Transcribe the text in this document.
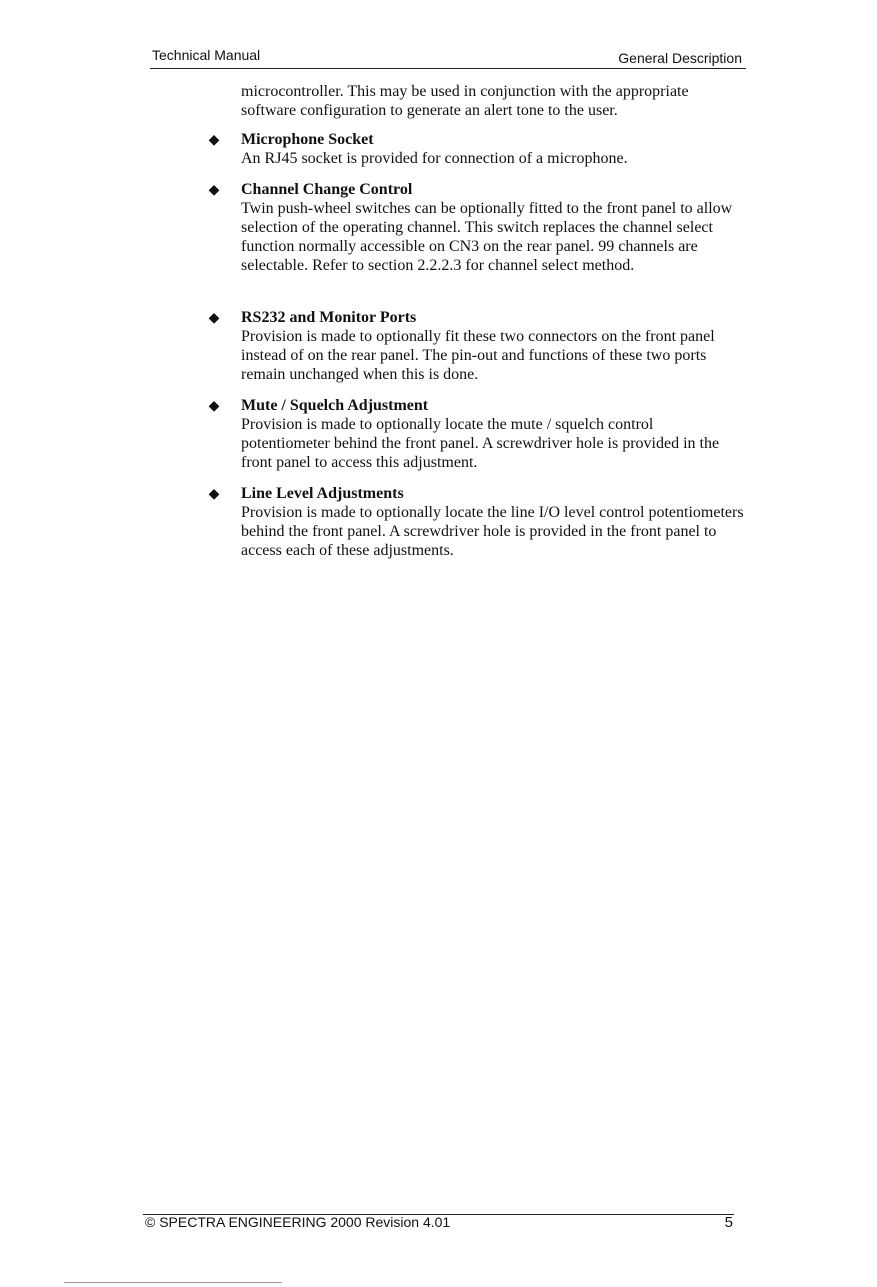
Technical Manual	General Description

microcontroller. This may be used in conjunction with the appropriate software configuration to generate an alert tone to the user.

◆ Microphone Socket

An RJ45 socket is provided for connection of a microphone.

◆ Channel Change Control

Twin push-wheel switches can be optionally fitted to the front panel to allow selection of the operating channel. This switch replaces the channel select function normally accessible on CN3 on the rear panel. 99 channels are selectable. Refer to section 2.2.2.3 for channel select method.

◆ RS232 and Monitor Ports

Provision is made to optionally fit these two connectors on the front panel instead of on the rear panel. The pin-out and functions of these two ports remain unchanged when this is done.

◆ Mute / Squelch Adjustment

Provision is made to optionally locate the mute / squelch control potentiometer behind the front panel. A screwdriver hole is provided in the front panel to access this adjustment.

◆ Line Level Adjustments

Provision is made to optionally locate the line I/O level control potentiometers behind the front panel. A screwdriver hole is provided in the front panel to access each of these adjustments.

© SPECTRA ENGINEERING 2000 Revision 4.01	5
